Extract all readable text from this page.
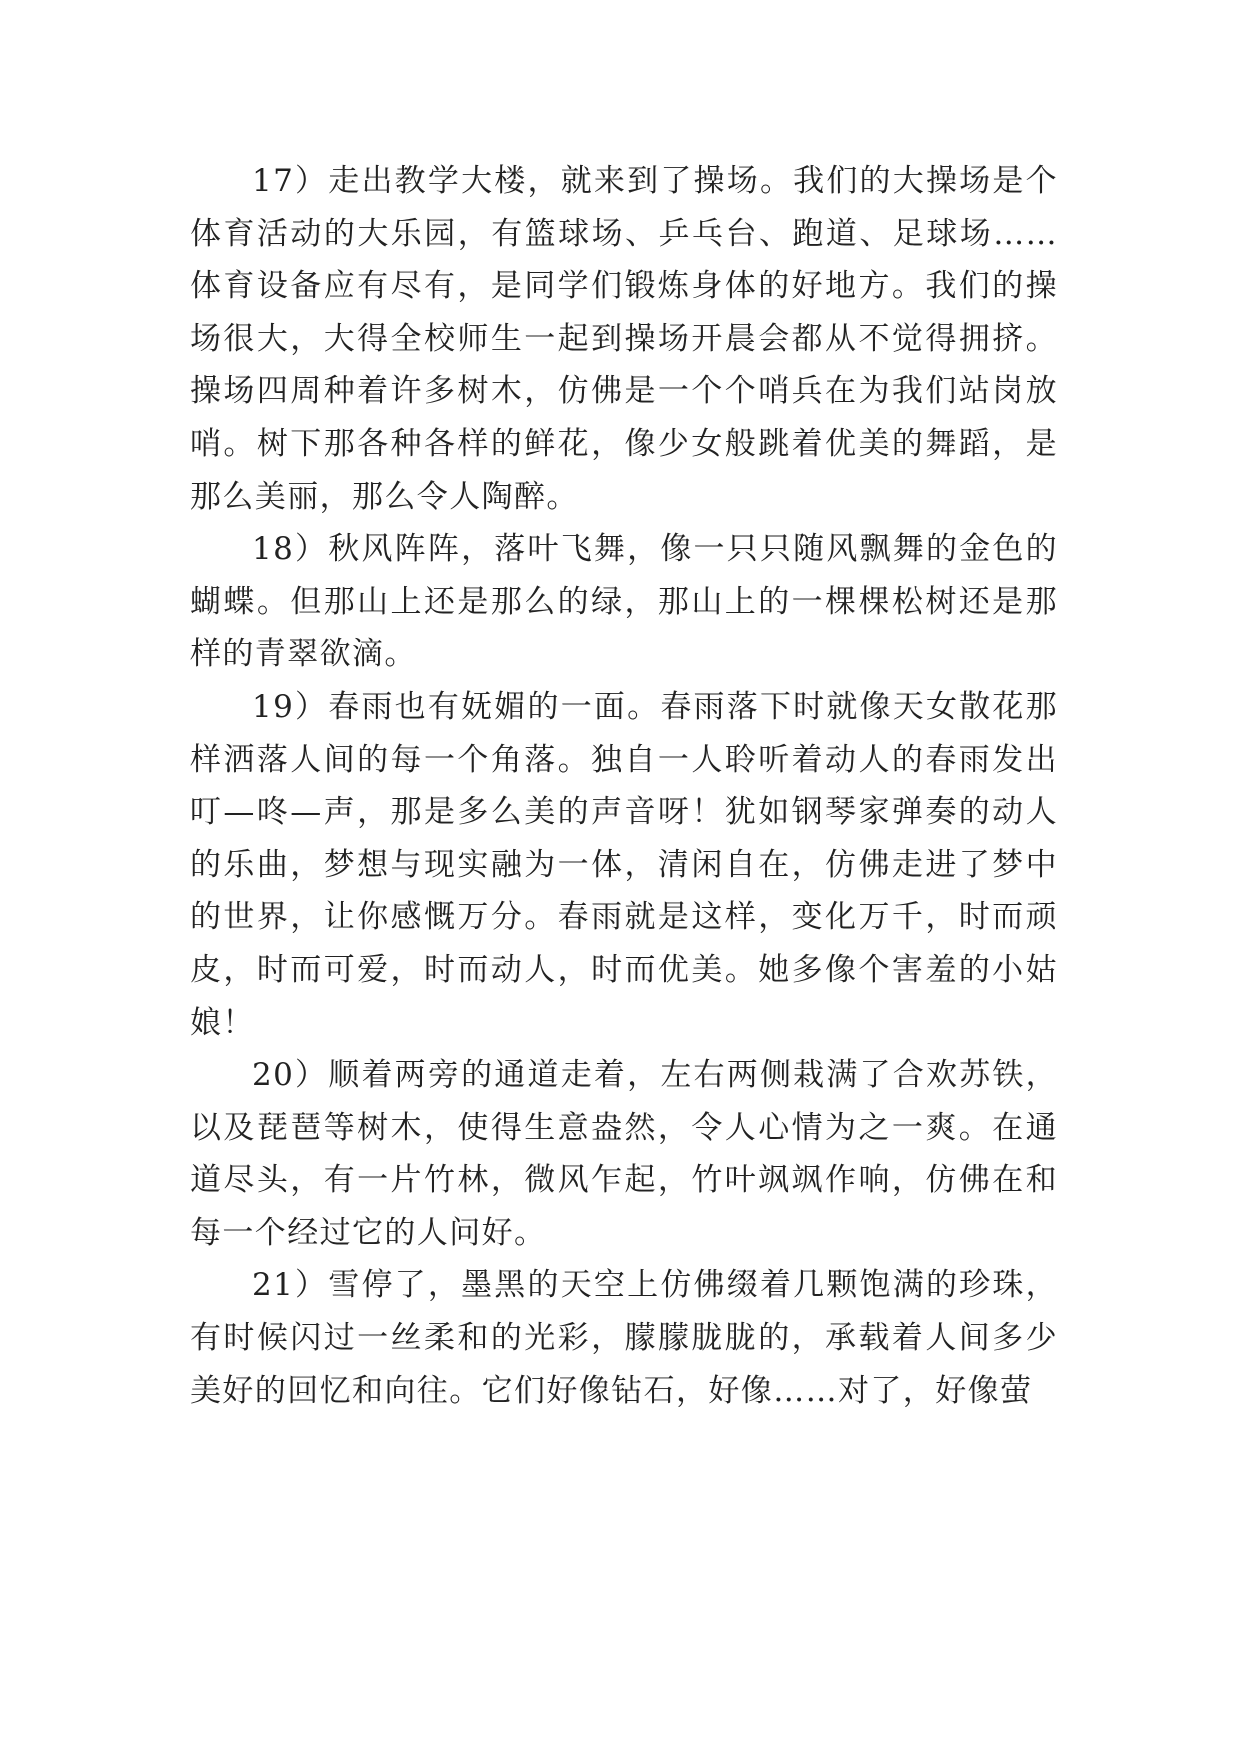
17）走出教学大楼，就来到了操场。我们的大操场是个体育活动的大乐园，有篮球场、乒乓台、跑道、足球场……体育设备应有尽有，是同学们锻炼身体的好地方。我们的操场很大，大得全校师生一起到操场开晨会都从不觉得拥挤。操场四周种着许多树木，仿佛是一个个哨兵在为我们站岗放哨。树下那各种各样的鲜花，像少女般跳着优美的舞蹈，是那么美丽，那么令人陶醉。

18）秋风阵阵，落叶飞舞，像一只只随风飘舞的金色的蝴蝶。但那山上还是那么的绿，那山上的一棵棵松树还是那样的青翠欲滴。

19）春雨也有妩媚的一面。春雨落下时就像天女散花那样洒落人间的每一个角落。独自一人聆听着动人的春雨发出叮—咚—声，那是多么美的声音呀！犹如钢琴家弹奏的动人的乐曲，梦想与现实融为一体，清闲自在，仿佛走进了梦中的世界，让你感慨万分。春雨就是这样，变化万千，时而顽皮，时而可爱，时而动人，时而优美。她多像个害羞的小姑娘！

20）顺着两旁的通道走着，左右两侧栽满了合欢苏铁，以及琵琶等树木，使得生意盎然，令人心情为之一爽。在通道尽头，有一片竹林，微风乍起，竹叶飒飒作响，仿佛在和每一个经过它的人问好。

21）雪停了，墨黑的天空上仿佛缀着几颗饱满的珍珠，有时候闪过一丝柔和的光彩，朦朦胧胧的，承载着人间多少美好的回忆和向往。它们好像钻石，好像……对了，好像萤
